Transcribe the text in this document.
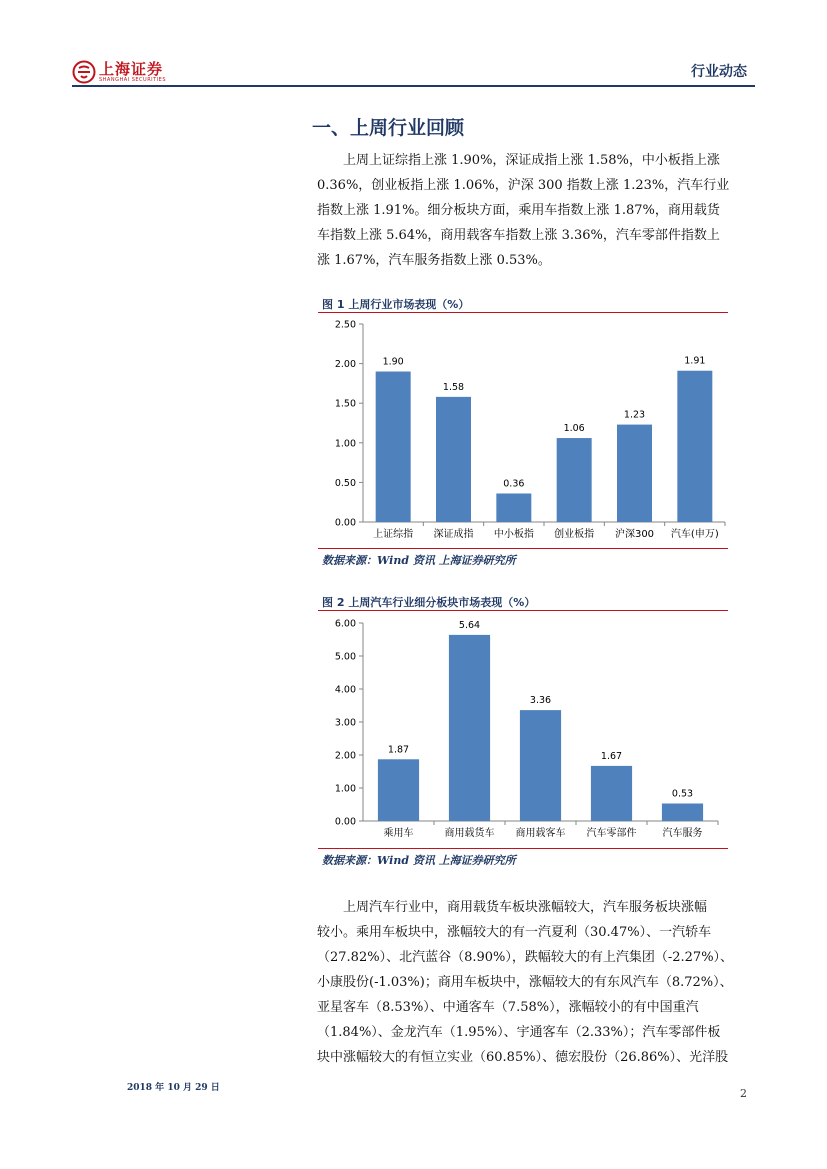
上海证券
SHANGHAI SECURITIES	行业动态
一、上周行业回顾
上周上证综指上涨 1.90%，深证成指上涨 1.58%，中小板指上涨
0.36%，创业板指上涨 1.06%，沪深 300 指数上涨 1.23%，汽车行业
指数上涨 1.91%。细分板块方面，乘用车指数上涨 1.87%，商用载货
车指数上涨 5.64%，商用载客车指数上涨 3.36%，汽车零部件指数上
涨 1.67%，汽车服务指数上涨 0.53%。
图 1 上周行业市场表现（%）
0.00
0.50
1.00
1.50
2.00
2.50
1.90
上证综指
1.58
深证成指
0.36
中小板指
1.06
创业板指
1.23
沪深300
1.91
汽车(申万)
数据来源：Wind 资讯 上海证券研究所
图 2 上周汽车行业细分板块市场表现（%）
0.00
1.00
2.00
3.00
4.00
5.00
6.00
1.87
乘用车
5.64
商用载货车
3.36
商用载客车
1.67
汽车零部件
0.53
汽车服务
数据来源：Wind 资讯 上海证券研究所
上周汽车行业中，商用载货车板块涨幅较大，汽车服务板块涨幅
较小。乘用车板块中，涨幅较大的有一汽夏利（30.47%）、一汽轿车
（27.82%）、北汽蓝谷（8.90%），跌幅较大的有上汽集团（-2.27%）、
小康股份(-1.03%)；商用车板块中，涨幅较大的有东风汽车（8.72%）、
亚星客车（8.53%）、中通客车（7.58%），涨幅较小的有中国重汽
（1.84%）、金龙汽车（1.95%）、宇通客车（2.33%）；汽车零部件板
块中涨幅较大的有恒立实业（60.85%）、德宏股份（26.86%）、光洋股
2018 年 10 月 29 日	2
